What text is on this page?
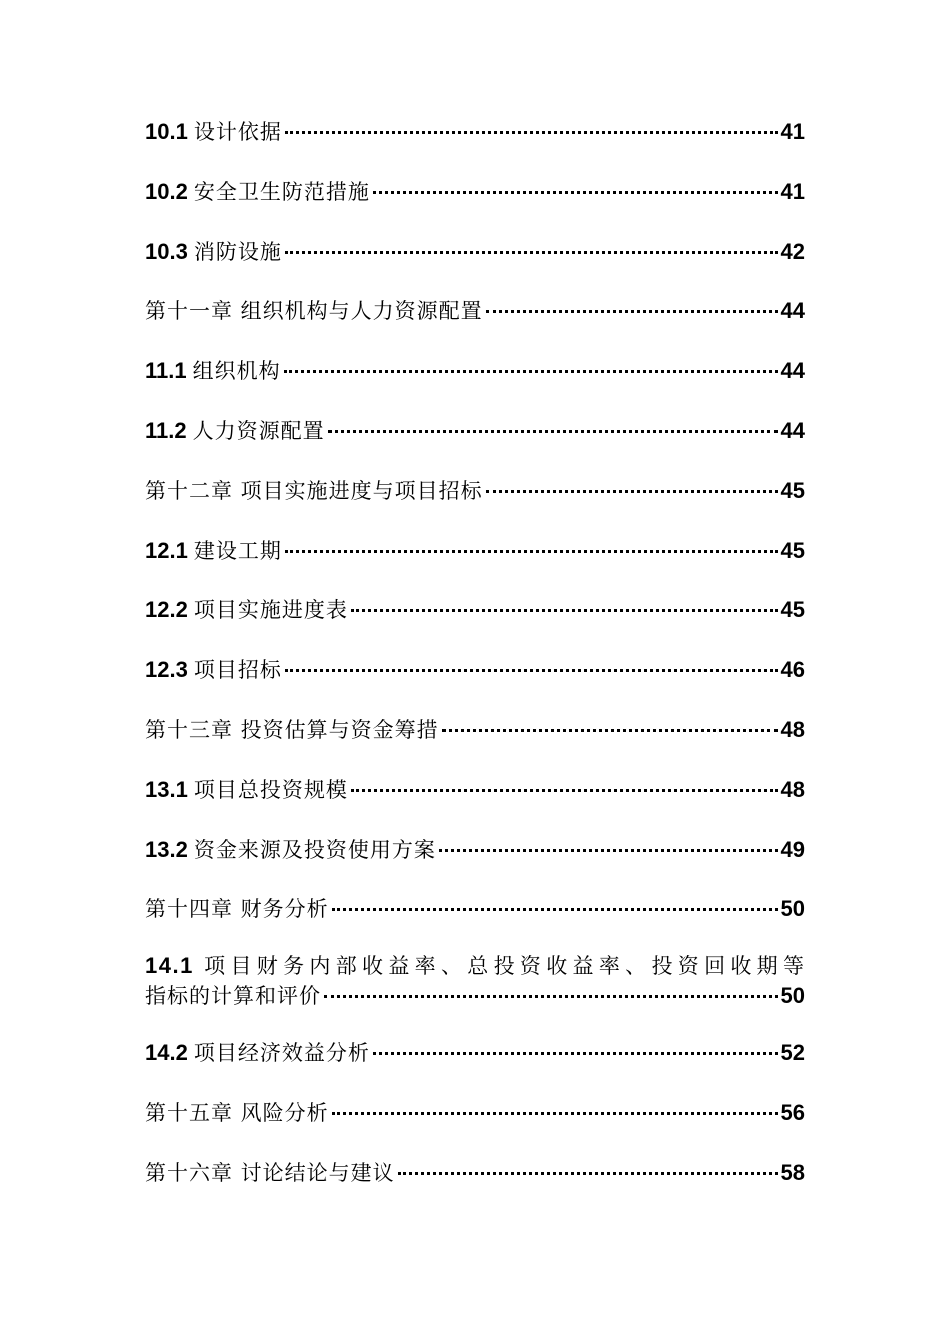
10.1 设计依据	41
10.2 安全卫生防范措施	41
10.3 消防设施	42
第十一章 组织机构与人力资源配置	44
11.1 组织机构	44
11.2 人力资源配置	44
第十二章 项目实施进度与项目招标	45
12.1 建设工期	45
12.2 项目实施进度表	45
12.3 项目招标	46
第十三章 投资估算与资金筹措	48
13.1 项目总投资规模	48
13.2 资金来源及投资使用方案	49
第十四章 财务分析	50
14.1 项目财务内部收益率、总投资收益率、投资回收期等
指标的计算和评价	50
14.2 项目经济效益分析	52
第十五章 风险分析	56
第十六章 讨论结论与建议	58
